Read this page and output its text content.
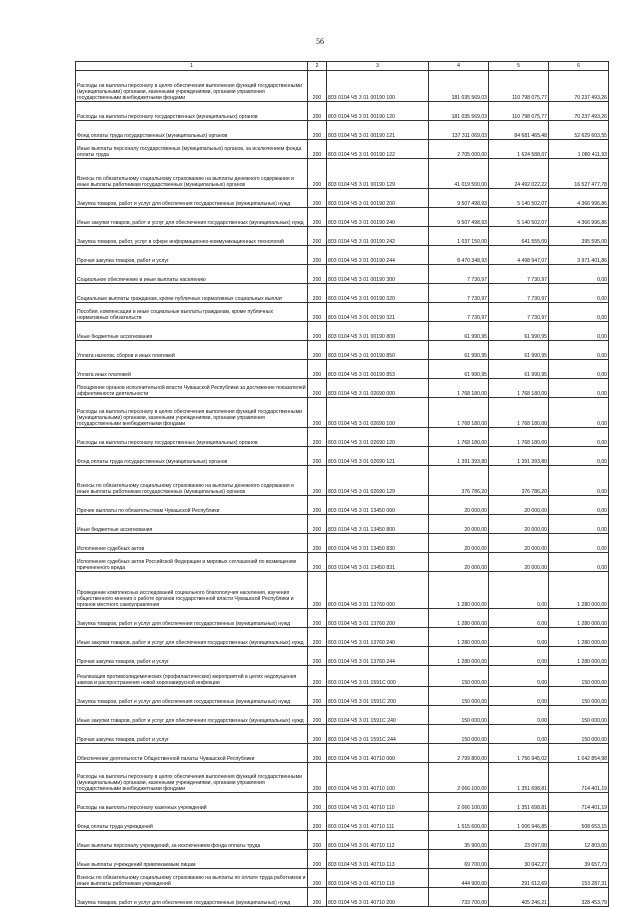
56
1	2	3	4	5	6
Расходы на выплаты персоналу в целях обеспечения выполнения функций государственными (муниципальными) органами, казенными учреждениями, органами управления государственными внебюджетными фондами	200	803 0104 Ч5 3 01 00190 100	181 035 569,03	110 798 075,77	70 237 493,26
Расходы на выплаты персоналу государственных (муниципальных) органов	200	803 0104 Ч5 3 01 00190 120	181 035 569,03	110 798 075,77	70 237 493,26
Фонд оплаты труда государственных (муниципальных) органов	200	803 0104 Ч5 3 01 00190 121	137 311 069,03	84 681 465,48	52 629 603,55
Иные выплаты персоналу государственных (муниципальных) органов, за исключением фонда оплаты труда	200	803 0104 Ч5 3 01 00190 122	2 705 000,00	1 624 588,07	1 080 411,93
Взносы по обязательному социальному страхованию на выплаты денежного содержания и иные выплаты работникам государственных (муниципальных) органов	200	803 0104 Ч5 3 01 00190 129	41 019 500,00	24 492 022,22	16 527 477,78
Закупка товаров, работ и услуг для обеспечения государственных (муниципальных) нужд	200	803 0104 Ч5 3 01 00190 200	9 507 498,93	5 140 502,07	4 366 996,86
Иные закупки товаров, работ и услуг для обеспечения государственных (муниципальных) нужд	200	803 0104 Ч5 3 01 00190 240	9 507 498,93	5 140 502,07	4 366 996,86
Закупка товаров, работ, услуг в сфере информационно-коммуникационных технологий	200	803 0104 Ч5 3 01 00190 242	1 037 150,00	641 555,00	395 595,00
Прочая закупка товаров, работ и услуг	200	803 0104 Ч5 3 01 00190 244	8 470 348,93	4 498 947,07	3 971 401,86
Социальное обеспечение и иные выплаты населению	200	803 0104 Ч5 3 01 00190 300	7 730,97	7 730,97	0,00
Социальные выплаты гражданам, кроме публичных нормативных социальных выплат	200	803 0104 Ч5 3 01 00190 320	7 730,97	7 730,97	0,00
Пособия, компенсации и иные социальные выплаты гражданам, кроме публичных нормативных обязательств	200	803 0104 Ч5 3 01 00190 321	7 730,97	7 730,97	0,00
Иные бюджетные ассигнования	200	803 0104 Ч5 3 01 00190 800	61 990,95	61 990,95	0,00
Уплата налогов, сборов и иных платежей	200	803 0104 Ч5 3 01 00190 850	61 990,95	61 990,95	0,00
Уплата иных платежей	200	803 0104 Ч5 3 01 00190 853	61 990,95	61 990,95	0,00
Поощрение органов исполнительной власти Чувашской Республики за достижение показателей эффективности деятельности	200	803 0104 Ч5 3 01 02690 000	1 768 180,00	1 768 180,00	0,00
Расходы на выплаты персоналу в целях обеспечения выполнения функций государственными (муниципальными) органами, казенными учреждениями, органами управления государственными внебюджетными фондами	200	803 0104 Ч5 3 01 02690 100	1 768 180,00	1 768 180,00	0,00
Расходы на выплаты персоналу государственных (муниципальных) органов	200	803 0104 Ч5 3 01 02690 120	1 768 180,00	1 768 180,00	0,00
Фонд оплаты труда государственных (муниципальных) органов	200	803 0104 Ч5 3 01 02690 121	1 391 393,80	1 391 393,80	0,00
Взносы по обязательному социальному страхованию на выплаты денежного содержания и иные выплаты работникам государственных (муниципальных) органов	200	803 0104 Ч5 3 01 02690 129	376 786,20	376 786,20	0,00
Прочие выплаты по обязательствам Чувашской Республики	200	803 0104 Ч5 3 01 13450 000	20 000,00	20 000,00	0,00
Иные бюджетные ассигнования	200	803 0104 Ч5 3 01 13450 800	20 000,00	20 000,00	0,00
Исполнение судебных актов	200	803 0104 Ч5 3 01 13450 830	20 000,00	20 000,00	0,00
Исполнение судебных актов Российской Федерации и мировых соглашений по возмещению причиненного вреда	200	803 0104 Ч5 3 01 13450 831	20 000,00	20 000,00	0,00
Проведение комплексных исследований социального благополучия населения, изучения общественного мнения о работе органов государственной власти Чувашской Республики и органов местного самоуправления	200	803 0104 Ч5 3 01 13760 000	1 280 000,00	0,00	1 280 000,00
Закупка товаров, работ и услуг для обеспечения государственных (муниципальных) нужд	200	803 0104 Ч5 3 01 13760 200	1 280 000,00	0,00	1 280 000,00
Иные закупки товаров, работ и услуг для обеспечения государственных (муниципальных) нужд	200	803 0104 Ч5 3 01 13760 240	1 280 000,00	0,00	1 280 000,00
Прочая закупка товаров, работ и услуг	200	803 0104 Ч5 3 01 13760 244	1 280 000,00	0,00	1 280 000,00
Реализация противоэпидемических (профилактических) мероприятий в целях недопущения завоза и распространения новой коронавирусной инфекции	200	803 0104 Ч5 3 01 1591C 000	150 000,00	0,00	150 000,00
Закупка товаров, работ и услуг для обеспечения государственных (муниципальных) нужд	200	803 0104 Ч5 3 01 1591C 200	150 000,00	0,00	150 000,00
Иные закупки товаров, работ и услуг для обеспечения государственных (муниципальных) нужд	200	803 0104 Ч5 3 01 1591C 240	150 000,00	0,00	150 000,00
Прочая закупка товаров, работ и услуг	200	803 0104 Ч5 3 01 1591C 244	150 000,00	0,00	150 000,00
Обеспечение деятельности Общественной палаты Чувашской Республики	200	803 0104 Ч5 3 01 40710 000	2 799 800,00	1 756 945,02	1 042 854,98
Расходы на выплаты персоналу в целях обеспечения выполнения функций государственными (муниципальными) органами, казенными учреждениями, органами управления государственными внебюджетными фондами	200	803 0104 Ч5 3 01 40710 100	2 066 100,00	1 351 698,81	714 401,19
Расходы на выплаты персоналу казенных учреждений	200	803 0104 Ч5 3 01 40710 110	2 066 100,00	1 351 698,81	714 401,19
Фонд оплаты труда учреждений	200	803 0104 Ч5 3 01 40710 111	1 515 600,00	1 006 946,85	508 653,15
Иные выплаты персоналу учреждений, за исключением фонда оплаты труда	200	803 0104 Ч5 3 01 40710 112	35 900,00	23 097,00	12 803,00
Иные выплаты учреждений привлекаемым лицам	200	803 0104 Ч5 3 01 40710 113	69 700,00	30 042,27	39 657,73
Взносы по обязательному социальному страхованию на выплаты по оплате труда работников и иные выплаты работникам учреждений	200	803 0104 Ч5 3 01 40710 119	444 900,00	291 612,69	153 287,31
Закупка товаров, работ и услуг для обеспечения государственных (муниципальных) нужд	200	803 0104 Ч5 3 01 40710 200	733 700,00	405 246,21	328 453,79
